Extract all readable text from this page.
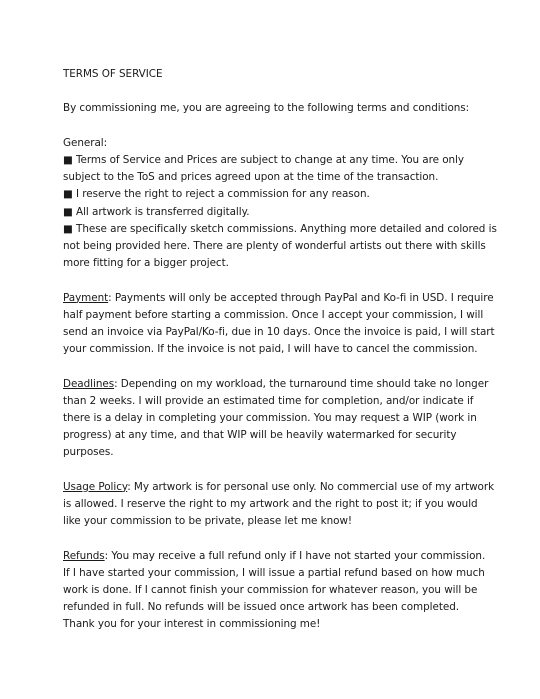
TERMS OF SERVICE
By commissioning me, you are agreeing to the following terms and conditions:
General:
■ Terms of Service and Prices are subject to change at any time. You are only
subject to the ToS and prices agreed upon at the time of the transaction.
■ I reserve the right to reject a commission for any reason.
■ All artwork is transferred digitally.
■ These are specifically sketch commissions. Anything more detailed and colored is
not being provided here. There are plenty of wonderful artists out there with skills
more fitting for a bigger project.
Payment: Payments will only be accepted through PayPal and Ko-fi in USD. I require
half payment before starting a commission. Once I accept your commission, I will
send an invoice via PayPal/Ko-fi, due in 10 days. Once the invoice is paid, I will start
your commission. If the invoice is not paid, I will have to cancel the commission.
Deadlines: Depending on my workload, the turnaround time should take no longer
than 2 weeks. I will provide an estimated time for completion, and/or indicate if
there is a delay in completing your commission. You may request a WIP (work in
progress) at any time, and that WIP will be heavily watermarked for security
purposes.
Usage Policy: My artwork is for personal use only. No commercial use of my artwork
is allowed. I reserve the right to my artwork and the right to post it; if you would
like your commission to be private, please let me know!
Refunds: You may receive a full refund only if I have not started your commission.
If I have started your commission, I will issue a partial refund based on how much
work is done. If I cannot finish your commission for whatever reason, you will be
refunded in full. No refunds will be issued once artwork has been completed.
Thank you for your interest in commissioning me!
